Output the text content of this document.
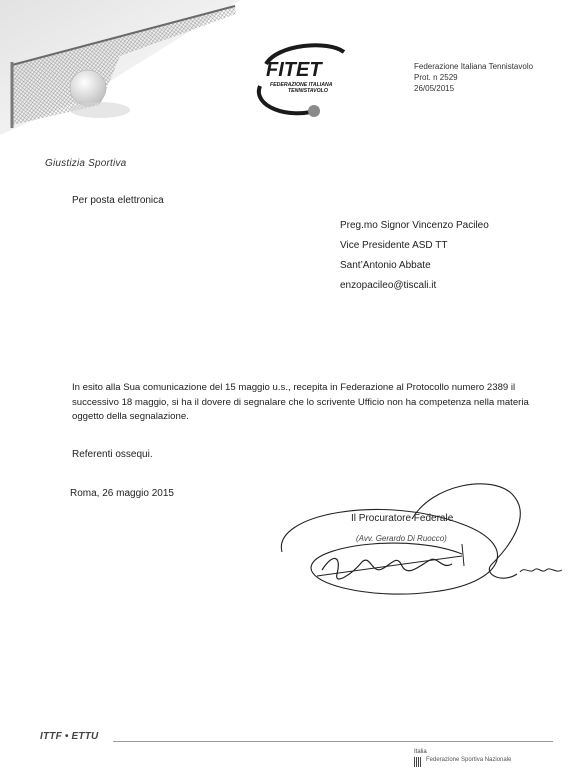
FITET
FEDERAZIONE ITALIANA
TENNISTAVOLO
Federazione Italiana Tennistavolo
Prot. n 2529
26/05/2015
Giustizia Sportiva
Per posta elettronica
Preg.mo Signor Vincenzo Pacileo
Vice Presidente ASD TT
Sant’Antonio Abbate
enzopacileo@tiscali.it
In esito alla Sua comunicazione del 15 maggio u.s., recepita in Federazione al Protocollo numero 2389 il successivo 18 maggio, si ha il dovere di segnalare che lo scrivente Ufficio non ha competenza nella materia oggetto della segnalazione.
Referenti ossequi.
Roma, 26 maggio 2015
Il Procuratore Federale
(Avv. Gerardo Di Ruocco)
ITTF • ETTU
Italia
Federazione Sportiva Nazionale
